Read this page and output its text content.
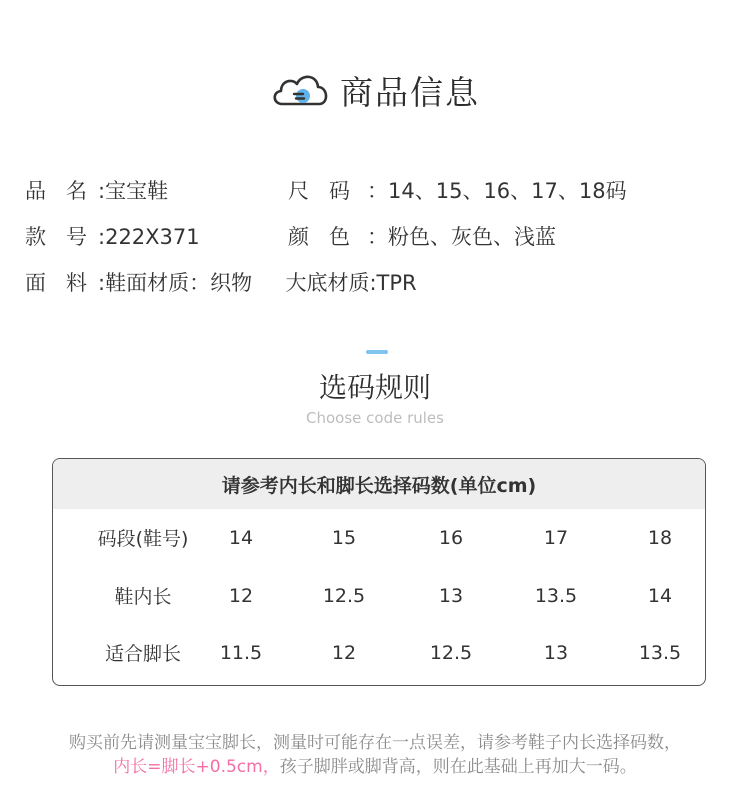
商品信息
品   名 :宝宝鞋	尺   码 ：14、15、16、17、18码
款   号 :222X371	颜   色 ：粉色、灰色、浅蓝
面   料 :鞋面材质：织物     大底材质:TPR
选码规则
Choose code rules
请参考内长和脚长选择码数(单位cm)
码段(鞋号)	14	15	16	17	18
鞋内长	12	12.5	13	13.5	14
适合脚长	11.5	12	12.5	13	13.5
购买前先请测量宝宝脚长，测量时可能存在一点误差，请参考鞋子内长选择码数，
内长=脚长+0.5cm，孩子脚胖或脚背高，则在此基础上再加大一码。
